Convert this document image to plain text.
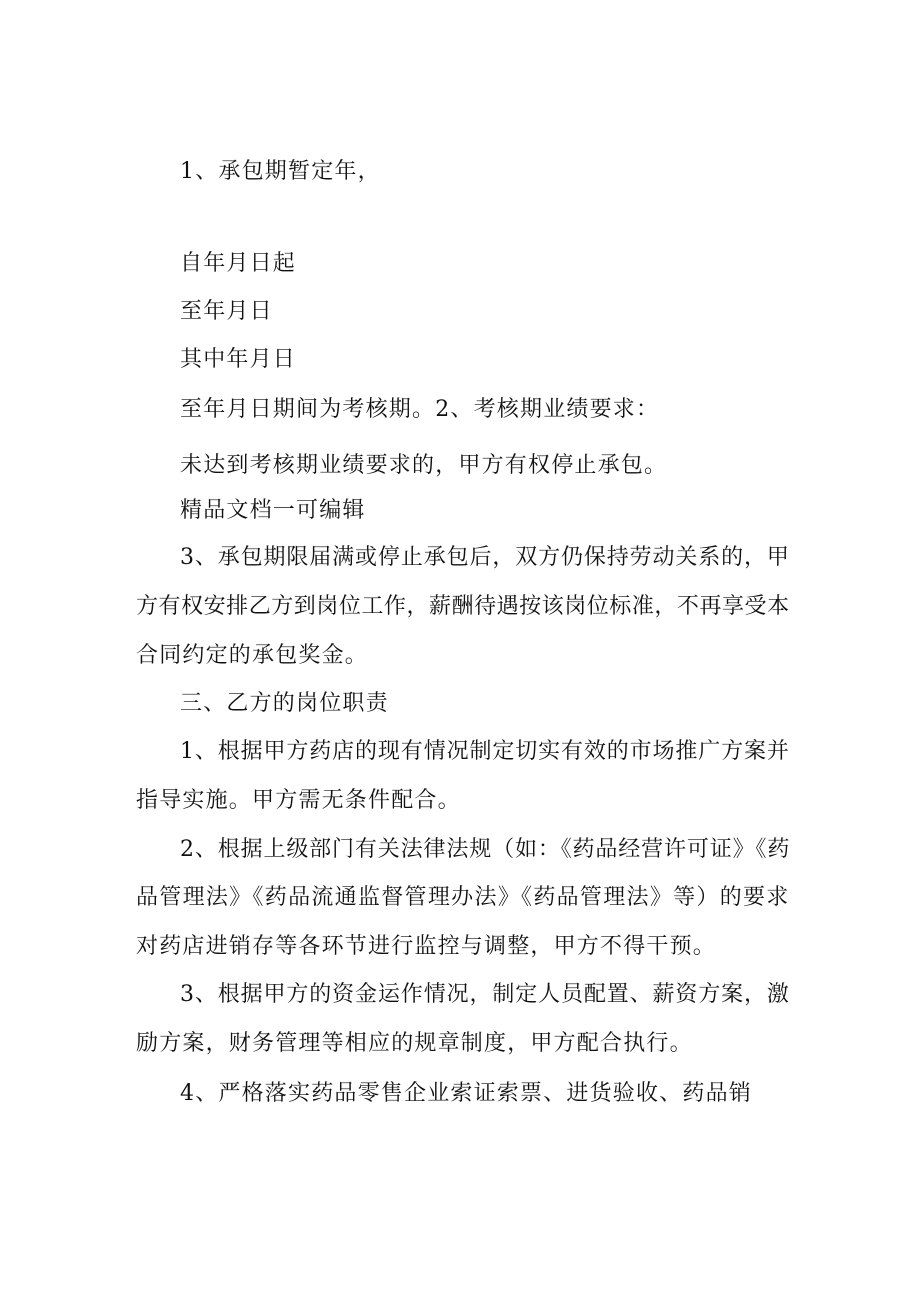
1、承包期暂定年，
自年月日起
至年月日
其中年月日
至年月日期间为考核期。2、考核期业绩要求：
未达到考核期业绩要求的，甲方有权停止承包。
精品文档一可编辑
3、承包期限届满或停止承包后，双方仍保持劳动关系的，甲
方有权安排乙方到岗位工作，薪酬待遇按该岗位标准，不再享受本
合同约定的承包奖金。
三、乙方的岗位职责
1、根据甲方药店的现有情况制定切实有效的市场推广方案并
指导实施。甲方需无条件配合。
2、根据上级部门有关法律法规（如：《药品经营许可证》《药
品管理法》《药品流通监督管理办法》《药品管理法》等）的要求
对药店进销存等各环节进行监控与调整，甲方不得干预。
3、根据甲方的资金运作情况，制定人员配置、薪资方案，激
励方案，财务管理等相应的规章制度，甲方配合执行。
4、严格落实药品零售企业索证索票、进货验收、药品销
